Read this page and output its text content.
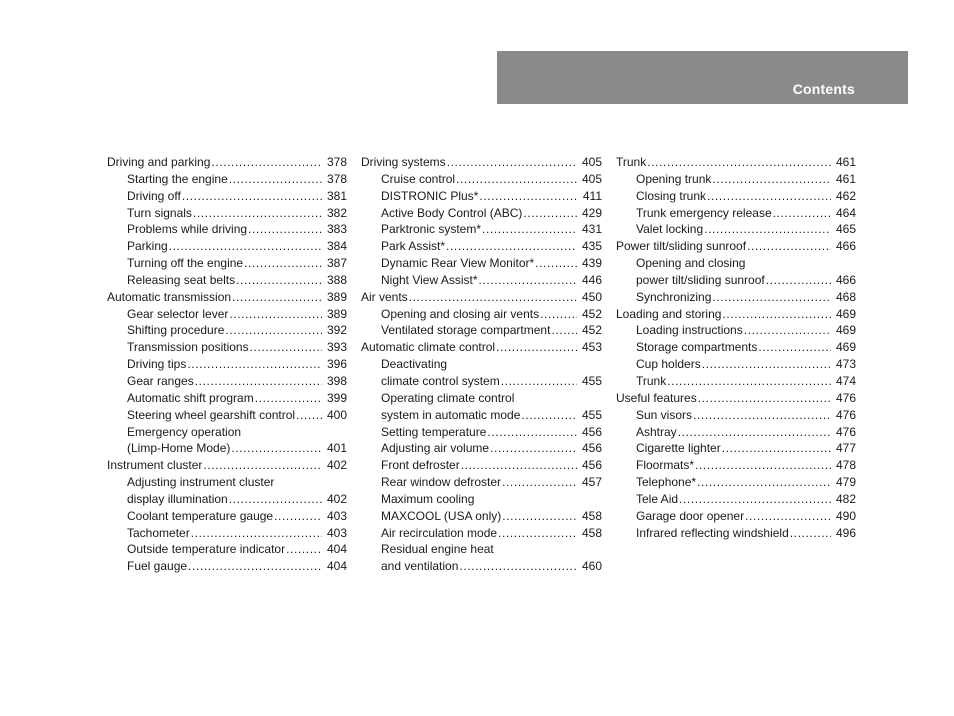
Contents
Driving and parking .....	378
Starting the engine .....	378
Driving off .....	381
Turn signals .....	382
Problems while driving .....	383
Parking .....	384
Turning off the engine .....	387
Releasing seat belts .....	388
Automatic transmission .....	389
Gear selector lever .....	389
Shifting procedure .....	392
Transmission positions .....	393
Driving tips .....	396
Gear ranges .....	398
Automatic shift program .....	399
Steering wheel gearshift control .....	400
Emergency operation
(Limp-Home Mode) .....	401
Instrument cluster .....	402
Adjusting instrument cluster
display illumination .....	402
Coolant temperature gauge .....	403
Tachometer .....	403
Outside temperature indicator .....	404
Fuel gauge .....	404
Driving systems .....	405
Cruise control .....	405
DISTRONIC Plus* .....	411
Active Body Control (ABC) .....	429
Parktronic system* .....	431
Park Assist* .....	435
Dynamic Rear View Monitor* .....	439
Night View Assist* .....	446
Air vents .....	450
Opening and closing air vents .....	452
Ventilated storage compartment .....	452
Automatic climate control .....	453
Deactivating
climate control system .....	455
Operating climate control
system in automatic mode .....	455
Setting temperature .....	456
Adjusting air volume .....	456
Front defroster .....	456
Rear window defroster .....	457
Maximum cooling
MAXCOOL (USA only) .....	458
Air recirculation mode .....	458
Residual engine heat
and ventilation .....	460
Trunk .....	461
Opening trunk .....	461
Closing trunk .....	462
Trunk emergency release .....	464
Valet locking .....	465
Power tilt/sliding sunroof .....	466
Opening and closing
power tilt/sliding sunroof .....	466
Synchronizing .....	468
Loading and storing .....	469
Loading instructions .....	469
Storage compartments .....	469
Cup holders .....	473
Trunk .....	474
Useful features .....	476
Sun visors .....	476
Ashtray .....	476
Cigarette lighter .....	477
Floormats* .....	478
Telephone* .....	479
Tele Aid .....	482
Garage door opener .....	490
Infrared reflecting windshield .....	496
